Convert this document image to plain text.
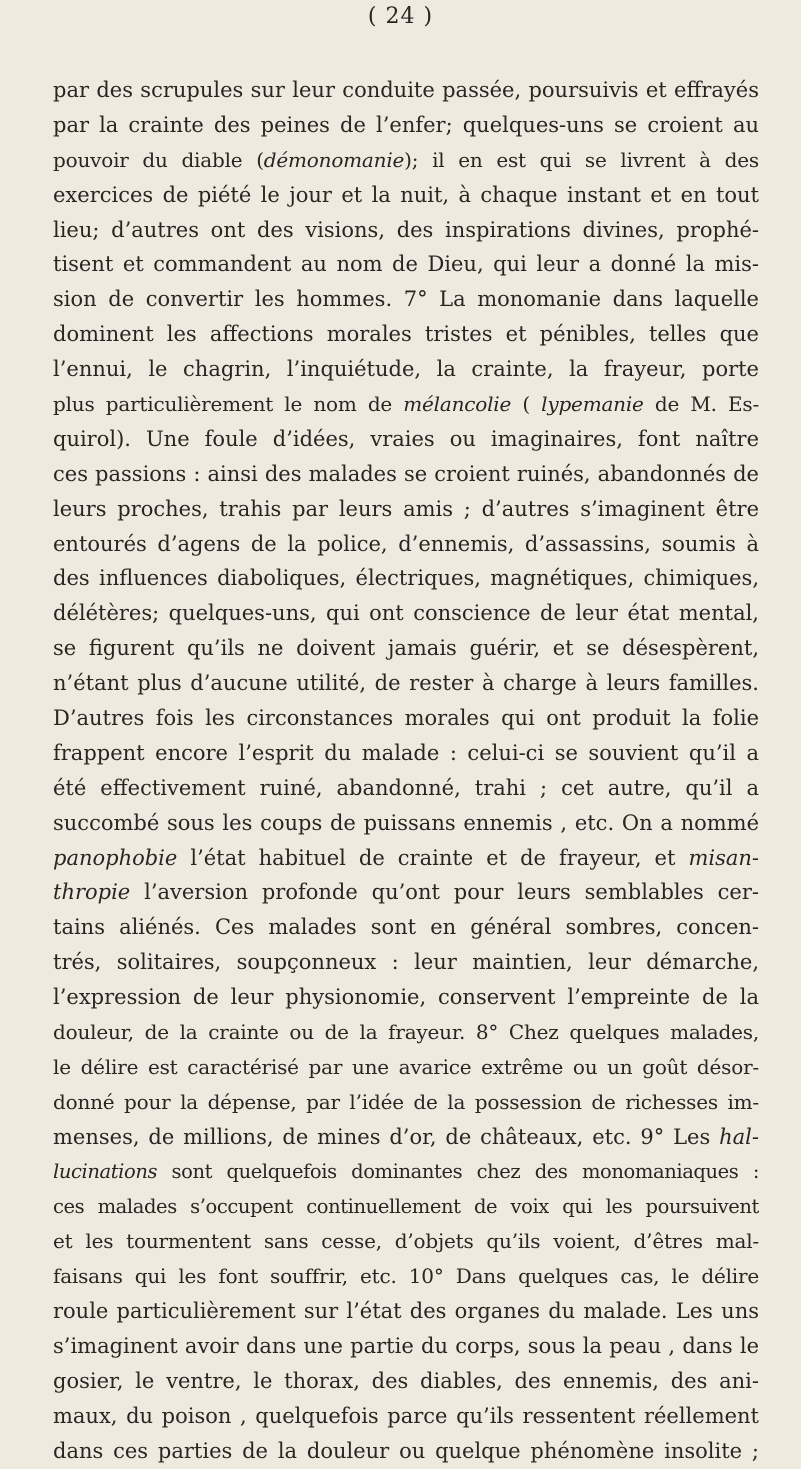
( 24 )
par des scrupules sur leur conduite passée, poursuivis et effrayés
par la crainte des peines de l’enfer; quelques-uns se croient au
pouvoir du diable (démonomanie); il en est qui se livrent à des
exercices de piété le jour et la nuit, à chaque instant et en tout
lieu; d’autres ont des visions, des inspirations divines, prophé-
tisent et commandent au nom de Dieu, qui leur a donné la mis-
sion de convertir les hommes. 7° La monomanie dans laquelle
dominent les affections morales tristes et pénibles, telles que
l’ennui, le chagrin, l’inquiétude, la crainte, la frayeur, porte
plus particulièrement le nom de mélancolie ( lypemanie de M. Es-
quirol). Une foule d’idées, vraies ou imaginaires, font naître
ces passions : ainsi des malades se croient ruinés, abandonnés de
leurs proches, trahis par leurs amis ; d’autres s’imaginent être
entourés d’agens de la police, d’ennemis, d’assassins, soumis à
des influences diaboliques, électriques, magnétiques, chimiques,
délétères; quelques-uns, qui ont conscience de leur état mental,
se figurent qu’ils ne doivent jamais guérir, et se désespèrent,
n’étant plus d’aucune utilité, de rester à charge à leurs familles.
D’autres fois les circonstances morales qui ont produit la folie
frappent encore l’esprit du malade : celui-ci se souvient qu’il a
été effectivement ruiné, abandonné, trahi ; cet autre, qu’il a
succombé sous les coups de puissans ennemis , etc. On a nommé
panophobie l’état habituel de crainte et de frayeur, et misan-
thropie l’aversion profonde qu’ont pour leurs semblables cer-
tains aliénés. Ces malades sont en général sombres, concen-
trés, solitaires, soupçonneux : leur maintien, leur démarche,
l’expression de leur physionomie, conservent l’empreinte de la
douleur, de la crainte ou de la frayeur. 8° Chez quelques malades,
le délire est caractérisé par une avarice extrême ou un goût désor-
donné pour la dépense, par l’idée de la possession de richesses im-
menses, de millions, de mines d’or, de châteaux, etc. 9° Les hal-
lucinations sont quelquefois dominantes chez des monomaniaques :
ces malades s’occupent continuellement de voix qui les poursuivent
et les tourmentent sans cesse, d’objets qu’ils voient, d’êtres mal-
faisans qui les font souffrir, etc. 10° Dans quelques cas, le délire
roule particulièrement sur l’état des organes du malade. Les uns
s’imaginent avoir dans une partie du corps, sous la peau , dans le
gosier, le ventre, le thorax, des diables, des ennemis, des ani-
maux, du poison , quelquefois parce qu’ils ressentent réellement
dans ces parties de la douleur ou quelque phénomène insolite ;
